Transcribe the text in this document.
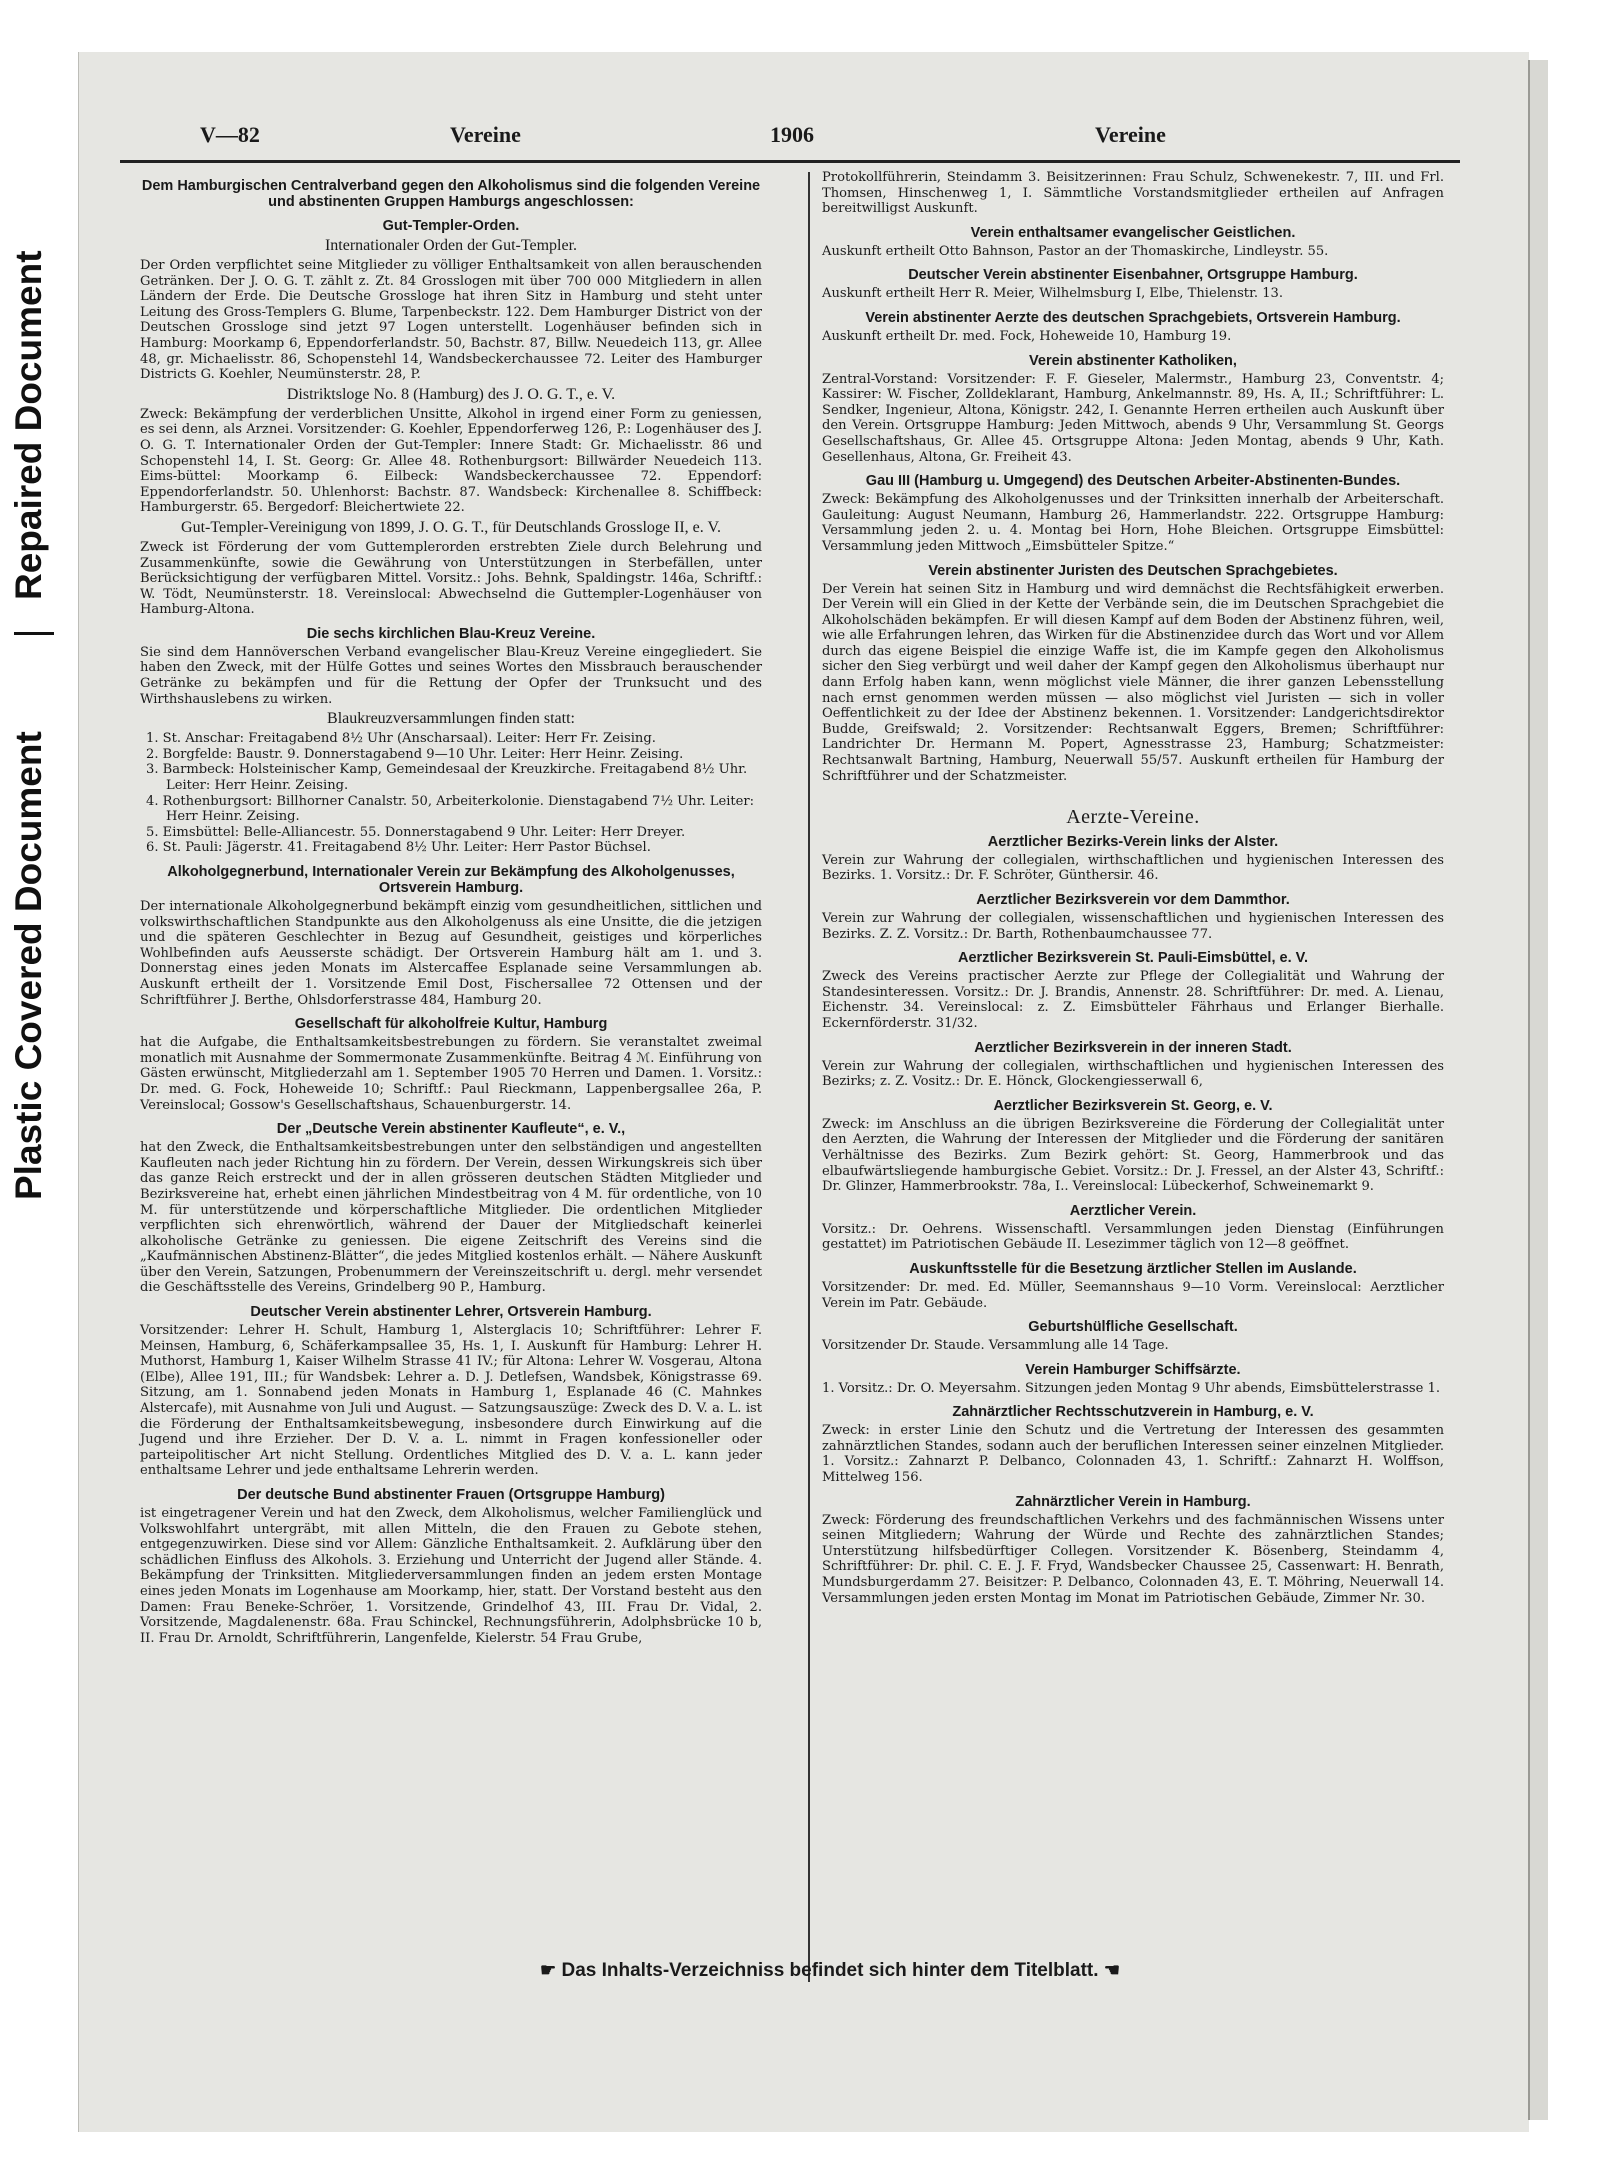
Repaired Document
Plastic Covered Document
V—82	Vereine	1906	Vereine
Dem Hamburgischen Centralverband gegen den Alkoholismus sind die folgenden Vereine und abstinenten Gruppen Hamburgs angeschlossen:
Gut-Templer-Orden.
Internationaler Orden der Gut-Templer.
Der Orden verpflichtet seine Mitglieder zu völliger Enthaltsamkeit von allen berauschenden Getränken. Der J. O. G. T. zählt z. Zt. 84 Grosslogen mit über 700 000 Mitgliedern in allen Ländern der Erde. Die Deutsche Grossloge hat ihren Sitz in Hamburg und steht unter Leitung des Gross-Templers G. Blume, Tarpenbeckstr. 122. Dem Hamburger District von der Deutschen Grossloge sind jetzt 97 Logen unterstellt. Logenhäuser befinden sich in Hamburg: Moorkamp 6, Eppendorferlandstr. 50, Bachstr. 87, Billw. Neuedeich 113, gr. Allee 48, gr. Michaelisstr. 86, Schopenstehl 14, Wandsbeckerchaussee 72. Leiter des Hamburger Districts G. Koehler, Neumünsterstr. 28, P.
Distriktsloge No. 8 (Hamburg) des J. O. G. T., e. V.
Zweck: Bekämpfung der verderblichen Unsitte, Alkohol in irgend einer Form zu geniessen, es sei denn, als Arznei. Vorsitzender: G. Koehler, Eppendorferweg 126, P.: Logenhäuser des J. O. G. T. Internationaler Orden der Gut-Templer: Innere Stadt: Gr. Michaelisstr. 86 und Schopenstehl 14, I. St. Georg: Gr. Allee 48. Rothenburgsort: Billwärder Neuedeich 113. Eims-büttel: Moorkamp 6. Eilbeck: Wandsbeckerchaussee 72. Eppendorf: Eppendorferlandstr. 50. Uhlenhorst: Bachstr. 87. Wandsbeck: Kirchenallee 8. Schiffbeck: Hamburgerstr. 65. Bergedorf: Bleichertwiete 22.
Gut-Templer-Vereinigung von 1899, J. O. G. T., für Deutschlands Grossloge II, e. V.
Zweck ist Förderung der vom Guttemplerorden erstrebten Ziele durch Belehrung und Zusammenkünfte, sowie die Gewährung von Unterstützungen in Sterbefällen, unter Berücksichtigung der verfügbaren Mittel. Vorsitz.: Johs. Behnk, Spaldingstr. 146a, Schriftf.: W. Tödt, Neumünsterstr. 18. Vereinslocal: Abwechselnd die Guttempler-Logenhäuser von Hamburg-Altona.
Die sechs kirchlichen Blau-Kreuz Vereine.
Sie sind dem Hannöverschen Verband evangelischer Blau-Kreuz Vereine eingegliedert. Sie haben den Zweck, mit der Hülfe Gottes und seines Wortes den Missbrauch berauschender Getränke zu bekämpfen und für die Rettung der Opfer der Trunksucht und des Wirthshauslebens zu wirken.
Blaukreuzversammlungen finden statt:
1. St. Anschar: Freitagabend 8½ Uhr (Anscharsaal). Leiter: Herr Fr. Zeising.
2. Borgfelde: Baustr. 9. Donnerstagabend 9—10 Uhr. Leiter: Herr Heinr. Zeising.
3. Barmbeck: Holsteinischer Kamp, Gemeindesaal der Kreuzkirche. Freitagabend 8½ Uhr. Leiter: Herr Heinr. Zeising.
4. Rothenburgsort: Billhorner Canalstr. 50, Arbeiterkolonie. Dienstagabend 7½ Uhr. Leiter: Herr Heinr. Zeising.
5. Eimsbüttel: Belle-Alliancestr. 55. Donnerstagabend 9 Uhr. Leiter: Herr Dreyer.
6. St. Pauli: Jägerstr. 41. Freitagabend 8½ Uhr. Leiter: Herr Pastor Büchsel.
Alkoholgegnerbund, Internationaler Verein zur Bekämpfung des Alkoholgenusses, Ortsverein Hamburg.
Der internationale Alkoholgegnerbund bekämpft einzig vom gesundheitlichen, sittlichen und volkswirthschaftlichen Standpunkte aus den Alkoholgenuss als eine Unsitte, die die jetzigen und die späteren Geschlechter in Bezug auf Gesundheit, geistiges und körperliches Wohlbefinden aufs Aeusserste schädigt. Der Ortsverein Hamburg hält am 1. und 3. Donnerstag eines jeden Monats im Alstercaffee Esplanade seine Versammlungen ab. Auskunft ertheilt der 1. Vorsitzende Emil Dost, Fischersallee 72 Ottensen und der Schriftführer J. Berthe, Ohlsdorferstrasse 484, Hamburg 20.
Gesellschaft für alkoholfreie Kultur, Hamburg
hat die Aufgabe, die Enthaltsamkeitsbestrebungen zu fördern. Sie veranstaltet zweimal monatlich mit Ausnahme der Sommermonate Zusammenkünfte. Beitrag 4 ℳ. Einführung von Gästen erwünscht, Mitgliederzahl am 1. September 1905 70 Herren und Damen. 1. Vorsitz.: Dr. med. G. Fock, Hoheweide 10; Schriftf.: Paul Rieckmann, Lappenbergsallee 26a, P. Vereinslocal; Gossow's Gesellschaftshaus, Schauenburgerstr. 14.
Der „Deutsche Verein abstinenter Kaufleute“, e. V.,
hat den Zweck, die Enthaltsamkeitsbestrebungen unter den selbständigen und angestellten Kaufleuten nach jeder Richtung hin zu fördern. Der Verein, dessen Wirkungskreis sich über das ganze Reich erstreckt und der in allen grösseren deutschen Städten Mitglieder und Bezirksvereine hat, erhebt einen jährlichen Mindestbeitrag von 4 M. für ordentliche, von 10 M. für unterstützende und körperschaftliche Mitglieder. Die ordentlichen Mitglieder verpflichten sich ehrenwörtlich, während der Dauer der Mitgliedschaft keinerlei alkoholische Getränke zu geniessen. Die eigene Zeitschrift des Vereins sind die „Kaufmännischen Abstinenz-Blätter“, die jedes Mitglied kostenlos erhält. — Nähere Auskunft über den Verein, Satzungen, Probenummern der Vereinszeitschrift u. dergl. mehr versendet die Geschäftsstelle des Vereins, Grindelberg 90 P., Hamburg.
Deutscher Verein abstinenter Lehrer, Ortsverein Hamburg.
Vorsitzender: Lehrer H. Schult, Hamburg 1, Alsterglacis 10; Schriftführer: Lehrer F. Meinsen, Hamburg, 6, Schäferkampsallee 35, Hs. 1, I. Auskunft für Hamburg: Lehrer H. Muthorst, Hamburg 1, Kaiser Wilhelm Strasse 41 IV.; für Altona: Lehrer W. Vosgerau, Altona (Elbe), Allee 191, III.; für Wandsbek: Lehrer a. D. J. Detlefsen, Wandsbek, Königstrasse 69. Sitzung, am 1. Sonnabend jeden Monats in Hamburg 1, Esplanade 46 (C. Mahnkes Alstercafe), mit Ausnahme von Juli und August. — Satzungsauszüge: Zweck des D. V. a. L. ist die Förderung der Enthaltsamkeitsbewegung, insbesondere durch Einwirkung auf die Jugend und ihre Erzieher. Der D. V. a. L. nimmt in Fragen konfessioneller oder parteipolitischer Art nicht Stellung. Ordentliches Mitglied des D. V. a. L. kann jeder enthaltsame Lehrer und jede enthaltsame Lehrerin werden.
Der deutsche Bund abstinenter Frauen (Ortsgruppe Hamburg)
ist eingetragener Verein und hat den Zweck, dem Alkoholismus, welcher Familienglück und Volkswohlfahrt untergräbt, mit allen Mitteln, die den Frauen zu Gebote stehen, entgegenzuwirken. Diese sind vor Allem: Gänzliche Enthaltsamkeit. 2. Aufklärung über den schädlichen Einfluss des Alkohols. 3. Erziehung und Unterricht der Jugend aller Stände. 4. Bekämpfung der Trinksitten. Mitgliederversammlungen finden an jedem ersten Montage eines jeden Monats im Logenhause am Moorkamp, hier, statt. Der Vorstand besteht aus den Damen: Frau Beneke-Schröer, 1. Vorsitzende, Grindelhof 43, III. Frau Dr. Vidal, 2. Vorsitzende, Magdalenenstr. 68a. Frau Schinckel, Rechnungsführerin, Adolphsbrücke 10 b, II. Frau Dr. Arnoldt, Schriftführerin, Langenfelde, Kielerstr. 54 Frau Grube,
Protokollführerin, Steindamm 3. Beisitzerinnen: Frau Schulz, Schwenekestr. 7, III. und Frl. Thomsen, Hinschenweg 1, I. Sämmtliche Vorstandsmitglieder ertheilen auf Anfragen bereitwilligst Auskunft.
Verein enthaltsamer evangelischer Geistlichen.
Auskunft ertheilt Otto Bahnson, Pastor an der Thomaskirche, Lindleystr. 55.
Deutscher Verein abstinenter Eisenbahner, Ortsgruppe Hamburg.
Auskunft ertheilt Herr R. Meier, Wilhelmsburg I, Elbe, Thielenstr. 13.
Verein abstinenter Aerzte des deutschen Sprachgebiets, Ortsverein Hamburg.
Auskunft ertheilt Dr. med. Fock, Hoheweide 10, Hamburg 19.
Verein abstinenter Katholiken,
Zentral-Vorstand: Vorsitzender: F. F. Gieseler, Malermstr., Hamburg 23, Conventstr. 4; Kassirer: W. Fischer, Zolldeklarant, Hamburg, Ankelmannstr. 89, Hs. A, II.; Schriftführer: L. Sendker, Ingenieur, Altona, Königstr. 242, I. Genannte Herren ertheilen auch Auskunft über den Verein. Ortsgruppe Hamburg: Jeden Mittwoch, abends 9 Uhr, Versammlung St. Georgs Gesellschaftshaus, Gr. Allee 45. Ortsgruppe Altona: Jeden Montag, abends 9 Uhr, Kath. Gesellenhaus, Altona, Gr. Freiheit 43.
Gau III (Hamburg u. Umgegend) des Deutschen Arbeiter-Abstinenten-Bundes.
Zweck: Bekämpfung des Alkoholgenusses und der Trinksitten innerhalb der Arbeiterschaft. Gauleitung: August Neumann, Hamburg 26, Hammerlandstr. 222. Ortsgruppe Hamburg: Versammlung jeden 2. u. 4. Montag bei Horn, Hohe Bleichen. Ortsgruppe Eimsbüttel: Versammlung jeden Mittwoch „Eimsbütteler Spitze.“
Verein abstinenter Juristen des Deutschen Sprachgebietes.
Der Verein hat seinen Sitz in Hamburg und wird demnächst die Rechtsfähigkeit erwerben. Der Verein will ein Glied in der Kette der Verbände sein, die im Deutschen Sprachgebiet die Alkoholschäden bekämpfen. Er will diesen Kampf auf dem Boden der Abstinenz führen, weil, wie alle Erfahrungen lehren, das Wirken für die Abstinenzidee durch das Wort und vor Allem durch das eigene Beispiel die einzige Waffe ist, die im Kampfe gegen den Alkoholismus sicher den Sieg verbürgt und weil daher der Kampf gegen den Alkoholismus überhaupt nur dann Erfolg haben kann, wenn möglichst viele Männer, die ihrer ganzen Lebensstellung nach ernst genommen werden müssen — also möglichst viel Juristen — sich in voller Oeffentlichkeit zu der Idee der Abstinenz bekennen. 1. Vorsitzender: Landgerichtsdirektor Budde, Greifswald; 2. Vorsitzender: Rechtsanwalt Eggers, Bremen; Schriftführer: Landrichter Dr. Hermann M. Popert, Agnesstrasse 23, Hamburg; Schatzmeister: Rechtsanwalt Bartning, Hamburg, Neuerwall 55/57. Auskunft ertheilen für Hamburg der Schriftführer und der Schatzmeister.
Aerzte-Vereine.
Aerztlicher Bezirks-Verein links der Alster.
Verein zur Wahrung der collegialen, wirthschaftlichen und hygienischen Interessen des Bezirks. 1. Vorsitz.: Dr. F. Schröter, Günthersir. 46.
Aerztlicher Bezirksverein vor dem Dammthor.
Verein zur Wahrung der collegialen, wissenschaftlichen und hygienischen Interessen des Bezirks. Z. Z. Vorsitz.: Dr. Barth, Rothenbaumchaussee 77.
Aerztlicher Bezirksverein St. Pauli-Eimsbüttel, e. V.
Zweck des Vereins practischer Aerzte zur Pflege der Collegialität und Wahrung der Standesinteressen. Vorsitz.: Dr. J. Brandis, Annenstr. 28. Schriftführer: Dr. med. A. Lienau, Eichenstr. 34. Vereinslocal: z. Z. Eimsbütteler Fährhaus und Erlanger Bierhalle. Eckernförderstr. 31/32.
Aerztlicher Bezirksverein in der inneren Stadt.
Verein zur Wahrung der collegialen, wirthschaftlichen und hygienischen Interessen des Bezirks; z. Z. Vositz.: Dr. E. Hönck, Glockengiesserwall 6,
Aerztlicher Bezirksverein St. Georg, e. V.
Zweck: im Anschluss an die übrigen Bezirksvereine die Förderung der Collegialität unter den Aerzten, die Wahrung der Interessen der Mitglieder und die Förderung der sanitären Verhältnisse des Bezirks. Zum Bezirk gehört: St. Georg, Hammerbrook und das elbaufwärtsliegende hamburgische Gebiet. Vorsitz.: Dr. J. Fressel, an der Alster 43, Schriftf.: Dr. Glinzer, Hammerbrookstr. 78a, I.. Vereinslocal: Lübeckerhof, Schweinemarkt 9.
Aerztlicher Verein.
Vorsitz.: Dr. Oehrens. Wissenschaftl. Versammlungen jeden Dienstag (Einführungen gestattet) im Patriotischen Gebäude II. Lesezimmer täglich von 12—8 geöffnet.
Auskunftsstelle für die Besetzung ärztlicher Stellen im Auslande.
Vorsitzender: Dr. med. Ed. Müller, Seemannshaus 9—10 Vorm. Vereinslocal: Aerztlicher Verein im Patr. Gebäude.
Geburtshülfliche Gesellschaft.
Vorsitzender Dr. Staude. Versammlung alle 14 Tage.
Verein Hamburger Schiffsärzte.
1. Vorsitz.: Dr. O. Meyersahm. Sitzungen jeden Montag 9 Uhr abends, Eimsbüttelerstrasse 1.
Zahnärztlicher Rechtsschutzverein in Hamburg, e. V.
Zweck: in erster Linie den Schutz und die Vertretung der Interessen des gesammten zahnärztlichen Standes, sodann auch der beruflichen Interessen seiner einzelnen Mitglieder. 1. Vorsitz.: Zahnarzt P. Delbanco, Colonnaden 43, 1. Schriftf.: Zahnarzt H. Wolffson, Mittelweg 156.
Zahnärztlicher Verein in Hamburg.
Zweck: Förderung des freundschaftlichen Verkehrs und des fachmännischen Wissens unter seinen Mitgliedern; Wahrung der Würde und Rechte des zahnärztlichen Standes; Unterstützung hilfsbedürftiger Collegen. Vorsitzender K. Bösenberg, Steindamm 4, Schriftführer: Dr. phil. C. E. J. F. Fryd, Wandsbecker Chaussee 25, Cassenwart: H. Benrath, Mundsburgerdamm 27. Beisitzer: P. Delbanco, Colonnaden 43, E. T. Möhring, Neuerwall 14. Versammlungen jeden ersten Montag im Monat im Patriotischen Gebäude, Zimmer Nr. 30.
☛ Das Inhalts-Verzeichniss befindet sich hinter dem Titelblatt. ☚
